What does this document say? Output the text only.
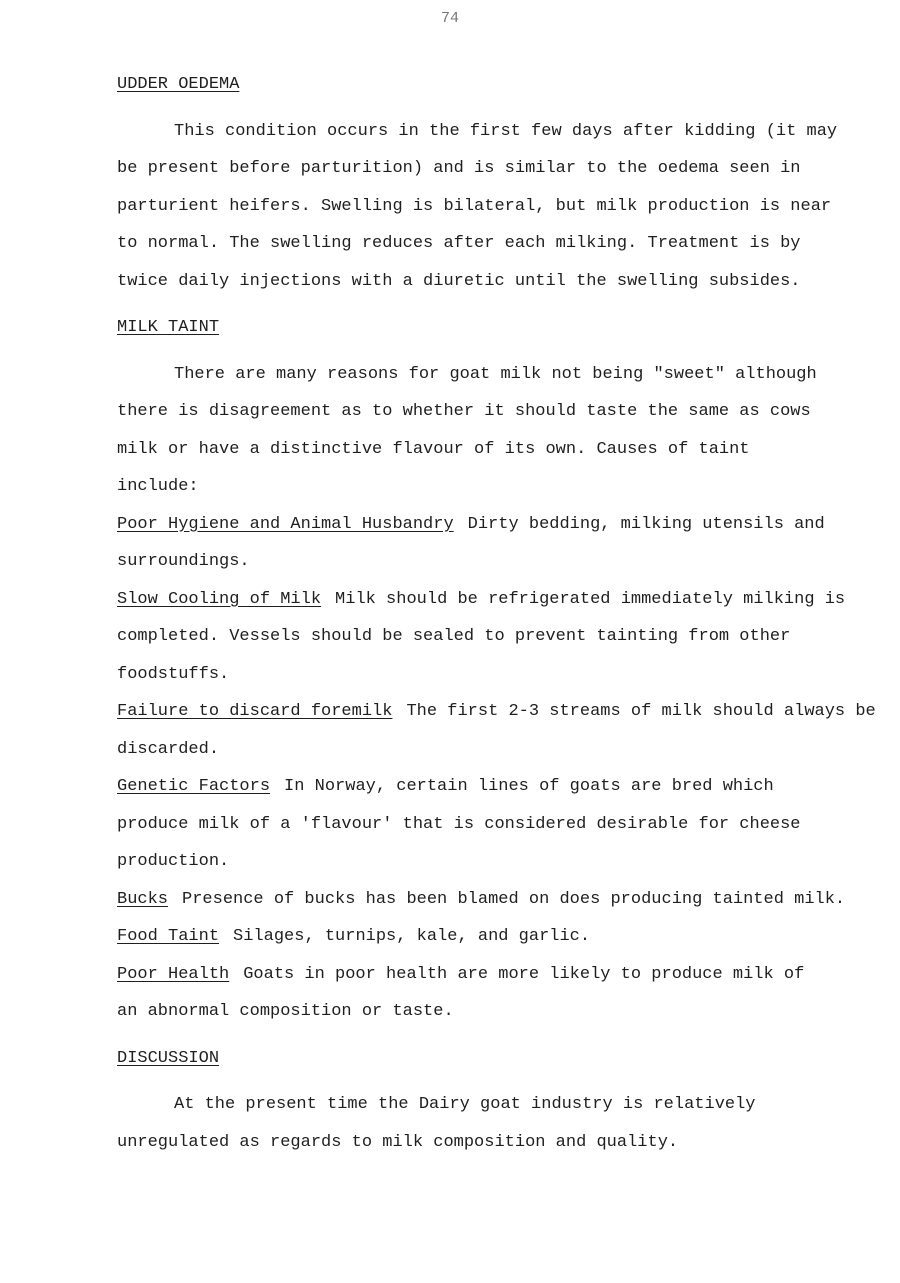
74
UDDER OEDEMA

This condition occurs in the first few days after kidding (it may be present before parturition) and is similar to the oedema seen in parturient heifers. Swelling is bilateral, but milk production is near to normal. The swelling reduces after each milking. Treatment is by twice daily injections with a diuretic until the swelling subsides.

MILK TAINT

There are many reasons for goat milk not being "sweet" although there is disagreement as to whether it should taste the same as cows milk or have a distinctive flavour of its own. Causes of taint include:

Poor Hygiene and Animal Husbandry Dirty bedding, milking utensils and surroundings.

Slow Cooling of Milk Milk should be refrigerated immediately milking is completed. Vessels should be sealed to prevent tainting from other foodstuffs.

Failure to discard foremilk The first 2-3 streams of milk should always be discarded.

Genetic Factors In Norway, certain lines of goats are bred which produce milk of a 'flavour' that is considered desirable for cheese production.

Bucks Presence of bucks has been blamed on does producing tainted milk.

Food Taint Silages, turnips, kale, and garlic.

Poor Health Goats in poor health are more likely to produce milk of an abnormal composition or taste.

DISCUSSION

At the present time the Dairy goat industry is relatively unregulated as regards to milk composition and quality.
